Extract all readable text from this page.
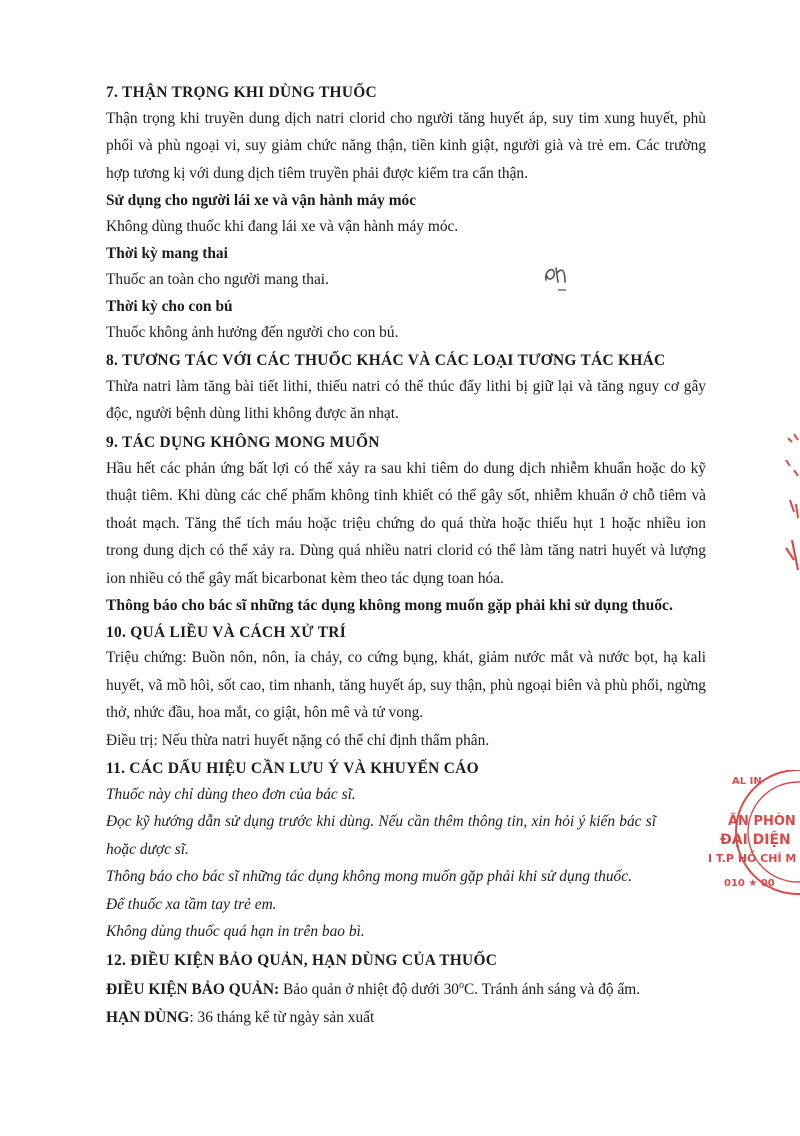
7. THẬN TRỌNG KHI DÙNG THUỐC

Thận trọng khi truyền dung dịch natri clorid cho người tăng huyết áp, suy tim xung huyết, phù phổi và phù ngoại vi, suy giảm chức năng thận, tiền kinh giật, người già và trẻ em. Các trường hợp tương kị với dung dịch tiêm truyền phải được kiểm tra cẩn thận.

Sử dụng cho người lái xe và vận hành máy móc

Không dùng thuốc khi đang lái xe và vận hành máy móc.

Thời kỳ mang thai

Thuốc an toàn cho người mang thai.

Thời kỳ cho con bú

Thuốc không ảnh hưởng đến người cho con bú.

8. TƯƠNG TÁC VỚI CÁC THUỐC KHÁC VÀ CÁC LOẠI TƯƠNG TÁC KHÁC

Thừa natri làm tăng bài tiết lithi, thiếu natri có thể thúc đẩy lithi bị giữ lại và tăng nguy cơ gây độc, người bệnh dùng lithi không được ăn nhạt.

9. TÁC DỤNG KHÔNG MONG MUỐN

Hầu hết các phản ứng bất lợi có thể xảy ra sau khi tiêm do dung dịch nhiễm khuẩn hoặc do kỹ thuật tiêm. Khi dùng các chế phẩm không tinh khiết có thể gây sốt, nhiễm khuẩn ở chỗ tiêm và thoát mạch. Tăng thể tích máu hoặc triệu chứng do quá thừa hoặc thiếu hụt 1 hoặc nhiều ion trong dung dịch có thể xảy ra. Dùng quá nhiều natri clorid có thể làm tăng natri huyết và lượng ion nhiều có thể gây mất bicarbonat kèm theo tác dụng toan hóa.

Thông báo cho bác sĩ những tác dụng không mong muốn gặp phải khi sử dụng thuốc.

10. QUÁ LIỀU VÀ CÁCH XỬ TRÍ

Triệu chứng: Buồn nôn, nôn, ỉa chảy, co cứng bụng, khát, giảm nước mắt và nước bọt, hạ kali huyết, vã mồ hôi, sốt cao, tim nhanh, tăng huyết áp, suy thận, phù ngoại biên và phù phổi, ngừng thở, nhức đầu, hoa mắt, co giật, hôn mê và tử vong.

Điều trị: Nếu thừa natri huyết nặng có thể chỉ định thẩm phân.

11. CÁC DẤU HIỆU CẦN LƯU Ý VÀ KHUYẾN CÁO

Thuốc này chỉ dùng theo đơn của bác sĩ.

Đọc kỹ hướng dẫn sử dụng trước khi dùng. Nếu cần thêm thông tin, xin hỏi ý kiến bác sĩ hoặc dược sĩ.

Thông báo cho bác sĩ những tác dụng không mong muốn gặp phải khi sử dụng thuốc.

Để thuốc xa tầm tay trẻ em.

Không dùng thuốc quá hạn in trên bao bì.

12. ĐIỀU KIỆN BẢO QUẢN, HẠN DÙNG CỦA THUỐC

ĐIỀU KIỆN BẢO QUẢN: Bảo quản ở nhiệt độ dưới 30$^o$C. Tránh ánh sáng và độ ẩm.

HẠN DÙNG: 36 tháng kể từ ngày sản xuất

AL IN
ĂN PHÒN
ĐẠI DIỆN
I T.P HỒ CHÍ M
010 ★ 00
